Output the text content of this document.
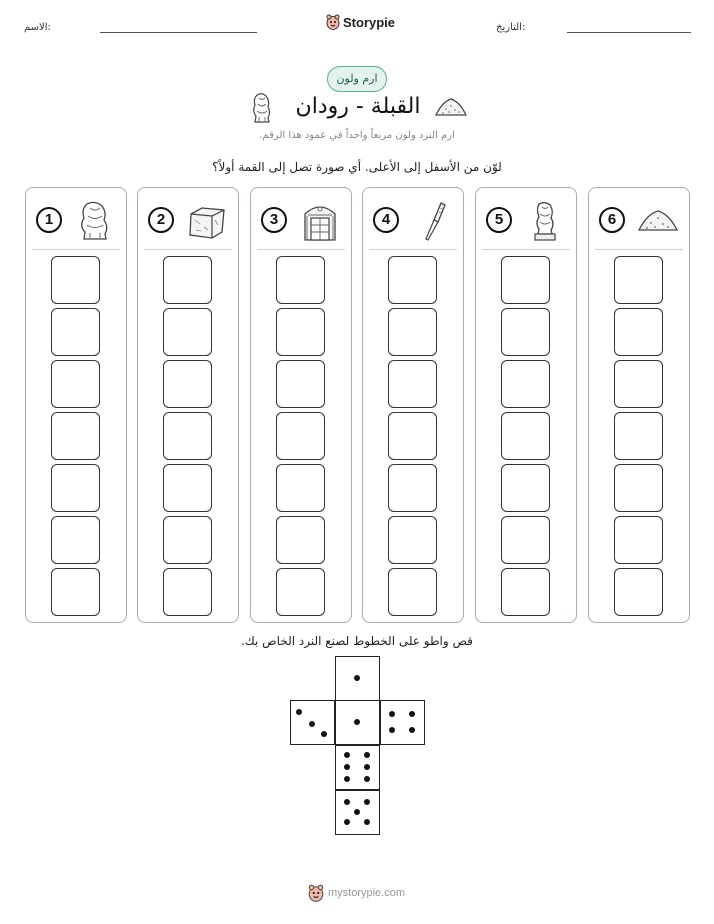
الاسم:	Storypie	التاريخ:
ارم ولون
القبلة - رودان
ارم النرد ولون مربعاً واحداً في عمود هذا الرقم.
لوّن من الأسفل إلى الأعلى. أي صورة تصل إلى القمة أولاً؟
1	2	3	4	5	6
قص واطو على الخطوط لصنع النرد الخاص بك.
mystorypie.com
